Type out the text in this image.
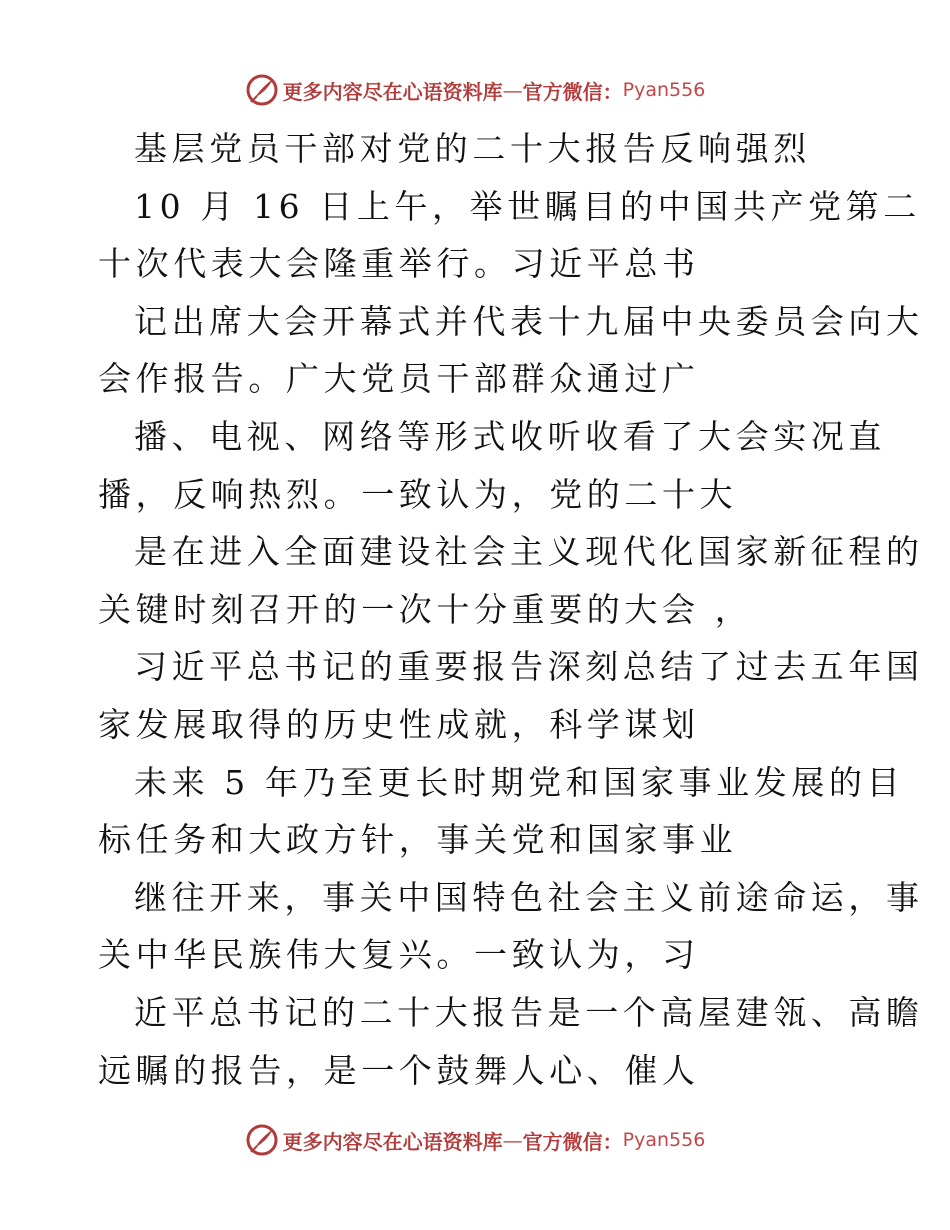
更多内容尽在心语资料库 — 官方微信： Pyan556
基层党员干部对党的二十大报告反响强烈
10 月 16 日上午，举世瞩目的中国共产党第二
十次代表大会隆重举行。习近平总书
记出席大会开幕式并代表十九届中央委员会向大
会作报告。广大党员干部群众通过广
播、电视、网络等形式收听收看了大会实况直
播，反响热烈。一致认为，党的二十大
是在进入全面建设社会主义现代化国家新征程的
关键时刻召开的一次十分重要的大会 ，
习近平总书记的重要报告深刻总结了过去五年国
家发展取得的历史性成就，科学谋划
未来 5 年乃至更长时期党和国家事业发展的目
标任务和大政方针，事关党和国家事业
继往开来，事关中国特色社会主义前途命运，事
关中华民族伟大复兴。一致认为，习
近平总书记的二十大报告是一个高屋建瓴、高瞻
远瞩的报告，是一个鼓舞人心、催人
更多内容尽在心语资料库 — 官方微信： Pyan556
